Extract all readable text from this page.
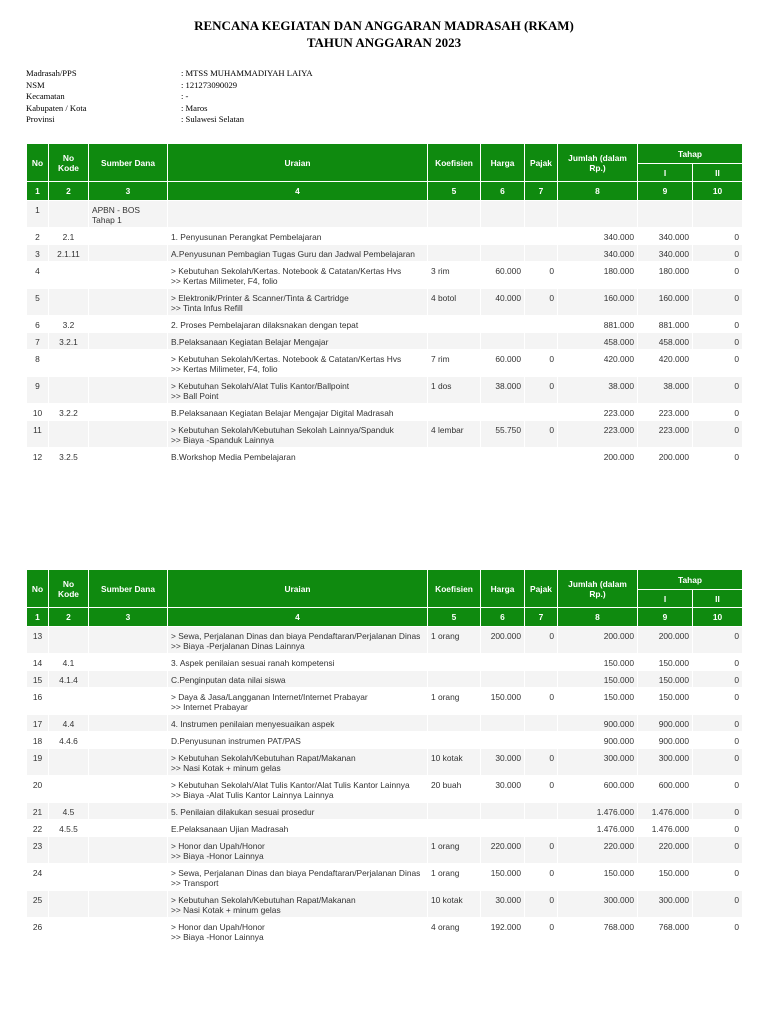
RENCANA KEGIATAN DAN ANGGARAN MADRASAH (RKAM)
TAHUN ANGGARAN 2023
Madrasah/PPS	: MTSS MUHAMMADIYAH LAIYA
NSM	: 121273090029
Kecamatan	: -
Kabupaten / Kota	: Maros
Provinsi	: Sulawesi Selatan
No	No
Kode	Sumber Dana	Uraian	Koefisien	Harga	Pajak	Jumlah (dalam
Rp.)	Tahap	
								I	II
1	2	3	4	5	6	7	8	9	10
1		APBN - BOS
Tahap 1							
2	2.1		1. Penyusunan Perangkat Pembelajaran				340.000	340.000	0
3	2.1.11		A.Penyusunan Pembagian Tugas Guru dan Jadwal Pembelajaran				340.000	340.000	0
4			> Kebutuhan Sekolah/Kertas. Notebook & Catatan/Kertas Hvs
>> Kertas Milimeter, F4, folio	3 rim	60.000	0	180.000	180.000	0
5			> Elektronik/Printer & Scanner/Tinta & Cartridge
>> Tinta Infus Refill	4 botol	40.000	0	160.000	160.000	0
6	3.2		2. Proses Pembelajaran dilaksnakan dengan tepat				881.000	881.000	0
7	3.2.1		B.Pelaksanaan Kegiatan Belajar Mengajar				458.000	458.000	0
8			> Kebutuhan Sekolah/Kertas. Notebook & Catatan/Kertas Hvs
>> Kertas Milimeter, F4, folio	7 rim	60.000	0	420.000	420.000	0
9			> Kebutuhan Sekolah/Alat Tulis Kantor/Ballpoint
>> Ball Point	1 dos	38.000	0	38.000	38.000	0
10	3.2.2		B.Pelaksanaan Kegiatan Belajar Mengajar Digital Madrasah				223.000	223.000	0
11			> Kebutuhan Sekolah/Kebutuhan Sekolah Lainnya/Spanduk
>> Biaya -Spanduk Lainnya	4 lembar	55.750	0	223.000	223.000	0
12	3.2.5		B.Workshop Media Pembelajaran				200.000	200.000	0
No	No
Kode	Sumber Dana	Uraian	Koefisien	Harga	Pajak	Jumlah (dalam
Rp.)	Tahap	
								I	II
1	2	3	4	5	6	7	8	9	10
13			> Sewa, Perjalanan Dinas dan biaya Pendaftaran/Perjalanan Dinas
>> Biaya -Perjalanan Dinas Lainnya	1 orang	200.000	0	200.000	200.000	0
14	4.1		3. Aspek penilaian sesuai ranah kompetensi				150.000	150.000	0
15	4.1.4		C.Penginputan data nilai siswa				150.000	150.000	0
16			> Daya & Jasa/Langganan Internet/Internet Prabayar
>> Internet Prabayar	1 orang	150.000	0	150.000	150.000	0
17	4.4		4. Instrumen penilaian menyesuaikan aspek				900.000	900.000	0
18	4.4.6		D.Penyusunan instrumen PAT/PAS				900.000	900.000	0
19			> Kebutuhan Sekolah/Kebutuhan Rapat/Makanan
>> Nasi Kotak + minum gelas	10 kotak	30.000	0	300.000	300.000	0
20			> Kebutuhan Sekolah/Alat Tulis Kantor/Alat Tulis Kantor Lainnya
>> Biaya -Alat Tulis Kantor Lainnya Lainnya	20 buah	30.000	0	600.000	600.000	0
21	4.5		5. Penilaian dilakukan sesuai prosedur				1.476.000	1.476.000	0
22	4.5.5		E.Pelaksanaan Ujian Madrasah				1.476.000	1.476.000	0
23			> Honor dan Upah/Honor
>> Biaya -Honor Lainnya	1 orang	220.000	0	220.000	220.000	0
24			> Sewa, Perjalanan Dinas dan biaya Pendaftaran/Perjalanan Dinas
>> Transport	1 orang	150.000	0	150.000	150.000	0
25			> Kebutuhan Sekolah/Kebutuhan Rapat/Makanan
>> Nasi Kotak + minum gelas	10 kotak	30.000	0	300.000	300.000	0
26			> Honor dan Upah/Honor
>> Biaya -Honor Lainnya	4 orang	192.000	0	768.000	768.000	0
